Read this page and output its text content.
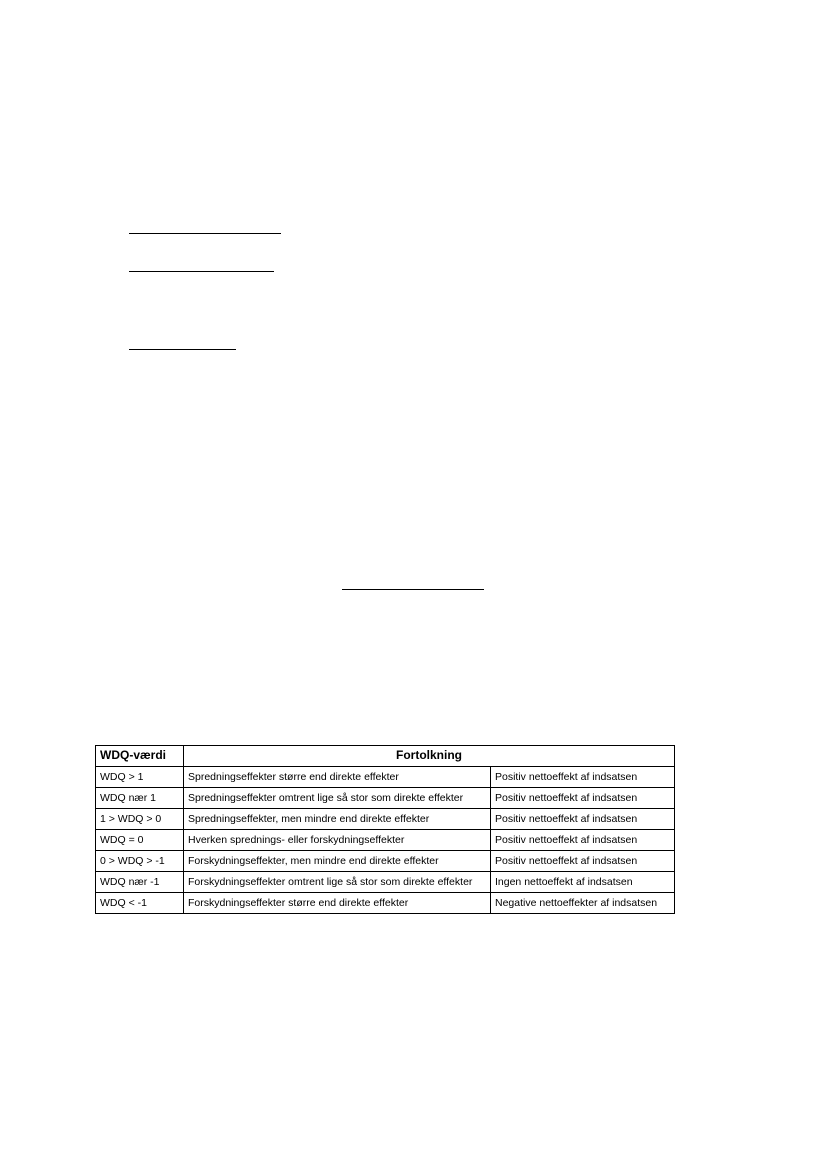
WDQ-værdi	Fortolkning	
WDQ > 1	Spredningseffekter større end direkte effekter	Positiv nettoeffekt af indsatsen
WDQ nær 1	Spredningseffekter omtrent lige så stor som direkte effekter	Positiv nettoeffekt af indsatsen
1 > WDQ > 0	Spredningseffekter, men mindre end direkte effekter	Positiv nettoeffekt af indsatsen
WDQ = 0	Hverken sprednings- eller forskydningseffekter	Positiv nettoeffekt af indsatsen
0 > WDQ > -1	Forskydningseffekter, men mindre end direkte effekter	Positiv nettoeffekt af indsatsen
WDQ nær -1	Forskydningseffekter omtrent lige så stor som direkte effekter	Ingen nettoeffekt af indsatsen
WDQ < -1	Forskydningseffekter større end direkte effekter	Negative nettoeffekter af indsatsen
